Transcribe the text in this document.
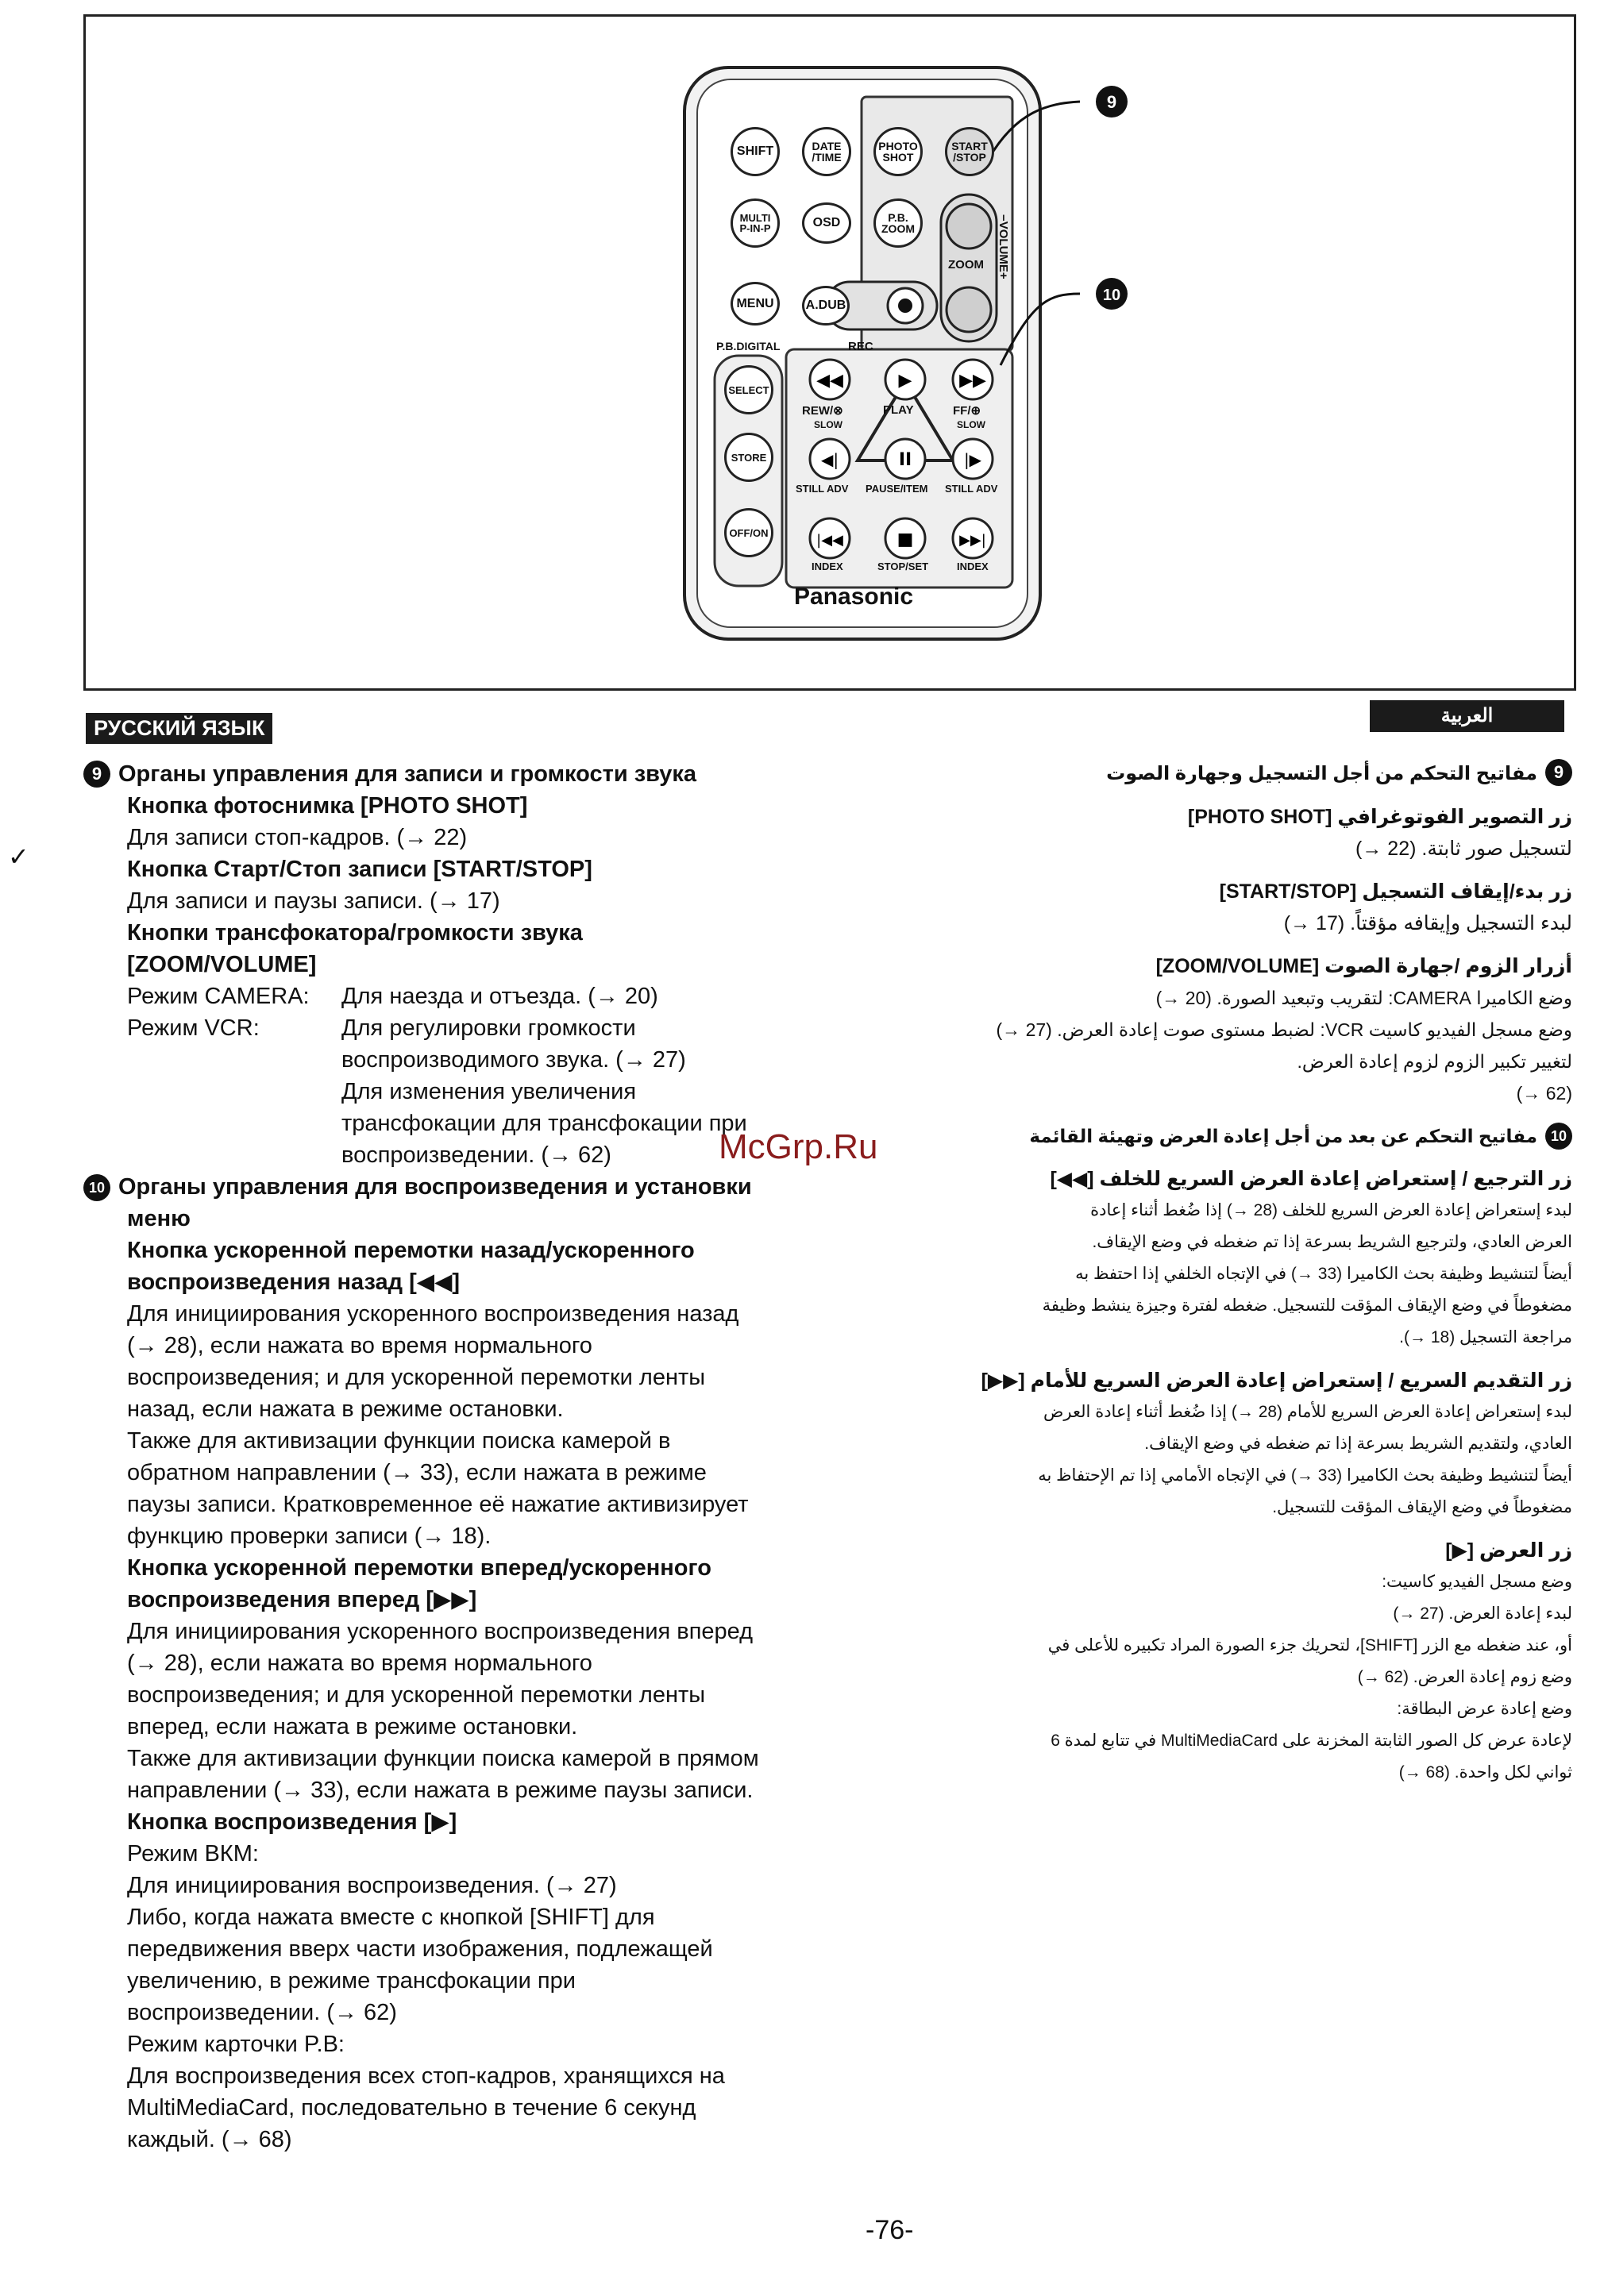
9
10
◀◀	▶	▶▶
◀|	II	|▶
|◀◀	■	▶▶|
SHIFT	DATE
/TIME
PHOTO
SHOT
START
/STOP
MULTI
P-IN-P	OSD	P.B.
ZOOM
MENU	A.DUB
SELECT
STORE
OFF/ON
ZOOM −VOLUME+
P.B.DIGITAL	REC
REW/⊗	PLAY	FF/⊕
SLOW	SLOW
STILL ADV PAUSE/ITEM STILL ADV
INDEX	STOP/SET	INDEX
Panasonic
РУССКИЙ ЯЗЫК
العربية
✓
9 Органы управления для записи и громкости звука
Кнопка фотоснимка [PHOTO SHOT]
Для записи стоп-кадров. (→ 22)
Кнопка Старт/Стоп записи [START/STOP]
Для записи и паузы записи. (→ 17)
Кнопки трансфокатора/громкости звука
[ZOOM/VOLUME]
Режим CAMERA:	Для наезда и отъезда. (→ 20)
Режим VCR:	Для регулировки громкости
воспроизводимого звука. (→ 27)
Для изменения увеличения
трансфокации для трансфокации при
воспроизведении. (→ 62)
10 Органы управления для воспроизведения и установки
меню
Кнопка ускоренной перемотки назад/ускоренного
воспроизведения назад [◀◀]
Для инициирования ускоренного воспроизведения назад
(→ 28), если нажата во время нормального
воспроизведения; и для ускоренной перемотки ленты
назад, если нажата в режиме остановки.
Также для активизации функции поиска камерой в
обратном направлении (→ 33), если нажата в режиме
паузы записи. Кратковременное её нажатие активизирует
функцию проверки записи (→ 18).
Кнопка ускоренной перемотки вперед/ускоренного
воспроизведения вперед [▶▶]
Для инициирования ускоренного воспроизведения вперед
(→ 28), если нажата во время нормального
воспроизведения; и для ускоренной перемотки ленты
вперед, если нажата в режиме остановки.
Также для активизации функции поиска камерой в прямом
направлении (→ 33), если нажата в режиме паузы записи.
Кнопка воспроизведения [▶]
Режим ВКМ:
Для инициирования воспроизведения. (→ 27)
Либо, когда нажата вместе с кнопкой [SHIFT] для
передвижения вверх части изображения, подлежащей
увеличению, в режиме трансфокации при
воспроизведении. (→ 62)
Режим карточки P.B:
Для воспроизведения всех стоп-кадров, хранящихся на
MultiMediaCard, последовательно в течение 6 секунд
каждый. (→ 68)
9مفاتيح التحكم من أجل التسجيل وجهارة الصوت
زر التصوير الفوتوغرافي [PHOTO SHOT]
لتسجيل صور ثابتة. (22 →)
زر بدء/إيقاف التسجيل [START/STOP]
لبدء التسجيل وإيقافه مؤقتاً. (17 →)
أزرار الزوم /جهارة الصوت [ZOOM/VOLUME]
وضع الكاميرا CAMERA: لتقريب وتبعيد الصورة. (20 →)
وضع مسجل الفيديو كاسيت VCR: لضبط مستوى صوت إعادة العرض. (27 →)
لتغيير تكبير الزوم لزوم إعادة العرض.
(62 →)
10مفاتيح التحكم عن بعد من أجل إعادة العرض وتهيئة القائمة
زر الترجيع / إستعراض إعادة العرض السريع للخلف [◀◀]
لبدء إستعراض إعادة العرض السريع للخلف (28 →) إذا ضُغط أثناء إعادة
العرض العادي، ولترجيع الشريط بسرعة إذا تم ضغطه في وضع الإيقاف.
أيضاً لتنشيط وظيفة بحث الكاميرا (33 →) في الإتجاه الخلفي إذا احتفظ به
مضغوطاً في وضع الإيقاف المؤقت للتسجيل. ضغطه لفترة وجيزة ينشط وظيفة
مراجعة التسجيل (18 →).
زر التقديم السريع / إستعراض إعادة العرض السريع للأمام [▶▶]
لبدء إستعراض إعادة العرض السريع للأمام (28 →) إذا ضُغط أثناء إعادة العرض
العادي، ولتقديم الشريط بسرعة إذا تم ضغطه في وضع الإيقاف.
أيضاً لتنشيط وظيفة بحث الكاميرا (33 →) في الإتجاه الأمامي إذا تم الإحتفاظ به
مضغوطاً في وضع الإيقاف المؤقت للتسجيل.
زر العرض [▶]
وضع مسجل الفيديو كاسيت:
لبدء إعادة العرض. (27 →)
أو، عند ضغطه مع الزر [SHIFT]، لتحريك جزء الصورة المراد تكبيره للأعلى في
وضع زوم إعادة العرض. (62 →)
وضع إعادة عرض البطاقة:
لإعادة عرض كل الصور الثابتة المخزنة على MultiMediaCard في تتابع لمدة 6
ثواني لكل واحدة. (68 →)
McGrp.Ru
-76-
